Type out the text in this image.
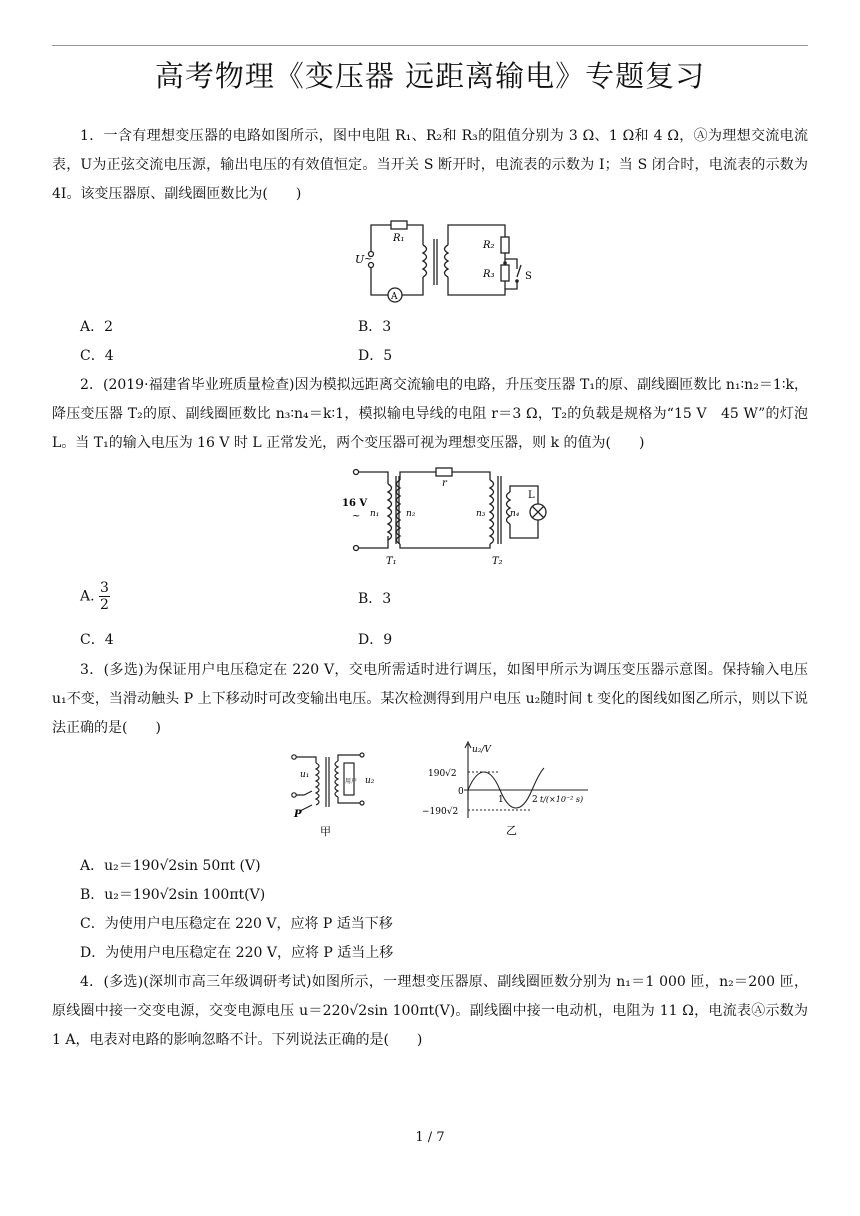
高考物理《变压器 远距离输电》专题复习
1．一含有理想变压器的电路如图所示，图中电阻 R₁、R₂和 R₃的阻值分别为 3 Ω、1 Ω和 4 Ω，Ⓐ为理想交流电流表，U为正弦交流电压源，输出电压的有效值恒定。当开关 S 断开时，电流表的示数为 I；当 S 闭合时，电流表的示数为 4I。该变压器原、副线圈匝数比为(　　)
R₁
R₂
R₃
U ~
A
S
A．2	B．3
C．4	D．5
2．(2019·福建省毕业班质量检查)因为模拟远距离交流输电的电路，升压变压器 T₁的原、副线圈匝数比 n₁∶n₂＝1∶k，降压变压器 T₂的原、副线圈匝数比 n₃∶n₄＝k∶1，模拟输电导线的电阻 r＝3 Ω，T₂的负载是规格为“15 V　45 W”的灯泡 L。当 T₁的输入电压为 16 V 时 L 正常发光，两个变压器可视为理想变压器，则 k 的值为(　　)
16 V
~ n₁	n₂	n₃	n₄
r
L
T₁	T₂
A. $\frac{3}{2}$	B．3
C．4	D．9
3．(多选)为保证用户电压稳定在 220 V，交电所需适时进行调压，如图甲所示为调压变压器示意图。保持输入电压 u₁不变，当滑动触头 P 上下移动时可改变输出电压。某次检测得到用户电压 u₂随时间 t 变化的图线如图乙所示，则以下说法正确的是(　　)
u₁
u₂
P
用户
甲
u₂/V
190√2
0
−190√2
1	2 t/(×10⁻² s)
乙
A．u₂＝190√2sin 50πt (V)
B．u₂＝190√2sin 100πt(V)
C．为使用户电压稳定在 220 V，应将 P 适当下移
D．为使用户电压稳定在 220 V，应将 P 适当上移
4．(多选)(深圳市高三年级调研考试)如图所示，一理想变压器原、副线圈匝数分别为 n₁＝1 000 匝，n₂＝200 匝，原线圈中接一交变电源，交变电源电压 u＝220√2sin 100πt(V)。副线圈中接一电动机，电阻为 11 Ω，电流表Ⓐ示数为 1 A，电表对电路的影响忽略不计。下列说法正确的是(　　)
1 / 7
